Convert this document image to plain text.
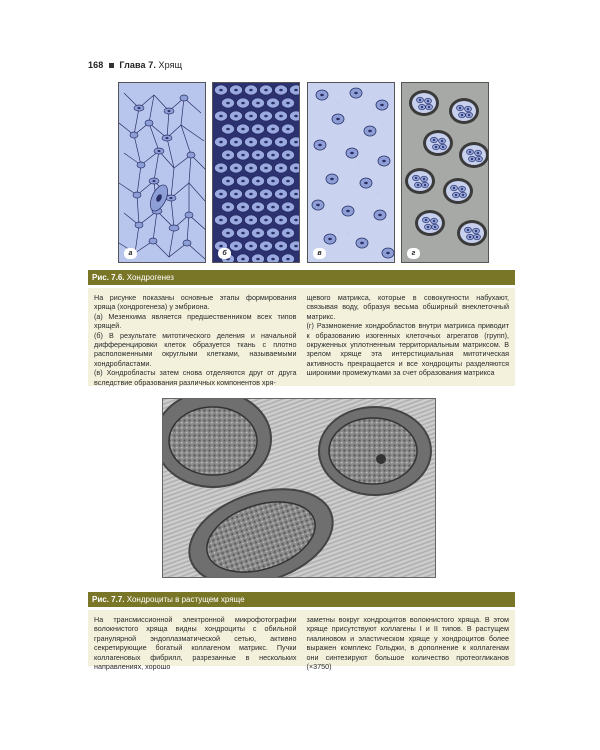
168 Глава 7. Хрящ
а	б	в	г
Рис. 7.6. Хондрогенез

На рисунке показаны основные этапы формирования хряща (хондрогенеза) у эмбриона.

(а) Мезенхима является предшественником всех типов хрящей.

(б) В результате митотического деления и начальной дифференцировки клеток образуется ткань с плотно расположенными округлыми клетками, называемыми хондробластами.

(в) Хондробласты затем снова отделяются друг от друга вследствие образования различных компонентов хря-

щевого матрикса, которые в совокупности набухают, связывая воду, образуя весьма обширный внеклеточный матрикс.

(г) Размножение хондробластов внутри матрикса приводит к образованию изогенных клеточных агрегатов (групп), окруженных уплотненным территориальным матриксом. В зрелом хряще эта интерстициальная митотическая активность прекращается и все хондроциты разделяются широкими промежутками за счет образования матрикса

Рис. 7.7. Хондроциты в растущем хряще

На трансмиссионной электронной микрофотографии волокнистого хряща видны хондроциты с обильной гранулярной эндоплазматической сетью, активно секретирующие богатый коллагеном матрикс. Пучки коллагеновых фибрилл, разрезанные в нескольких направлениях, хорошо

заметны вокруг хондроцитов волокнистого хряща. В этом хряще присутствуют коллагены I и II типов. В растущем гиалиновом и эластическом хряще у хондроцитов более выражен комплекс Гольджи, в дополнение к коллагенам они синтезируют большое количество протеогликанов (×3750)
